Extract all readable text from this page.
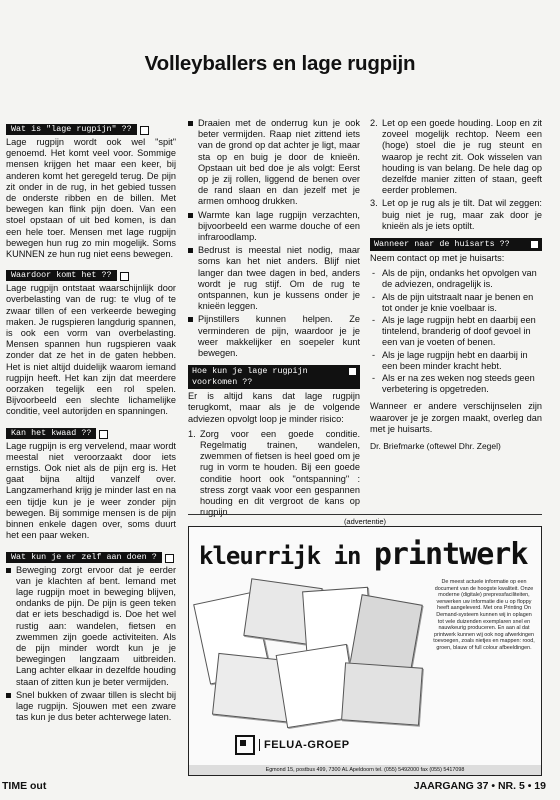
Volleyballers en lage rugpijn
Wat is "lage rugpijn" ??

Lage rugpijn wordt ook wel "spit" genoemd. Het komt veel voor. Sommige mensen krijgen het maar een keer, bij anderen komt het geregeld terug. De pijn zit onder in de rug, in het gebied tussen de onderste ribben en de billen. Met bewegen kan flink pijn doen. Van een stoel opstaan of uit bed komen, is dan een hele toer. Mensen met lage rugpijn bewegen hun rug zo min mogelijk. Soms KUNNEN ze hun rug niet eens bewegen.

Waardoor komt het ??

Lage rugpijn ontstaat waarschijnlijk door overbelasting van de rug: te vlug of te zwaar tillen of een verkeerde beweging maken. Je rugspieren langdurig spannen, is ook een vorm van overbelasting. Mensen spannen hun rugspieren vaak zonder dat ze het in de gaten hebben. Het is niet altijd duidelijk waarom iemand rugpijn heeft. Het kan zijn dat meerdere oorzaken tegelijk een rol spelen. Bijvoorbeeld een slechte lichamelijke conditie, veel autorijden en spanningen.

Kan het kwaad ??

Lage rugpijn is erg vervelend, maar wordt meestal niet veroorzaakt door iets ernstigs. Ook niet als de pijn erg is. Het gaat bijna altijd vanzelf over. Langzamerhand krijg je minder last en na een tijdje kun je je weer zonder pijn bewegen. Bij sommige mensen is de pijn binnen enkele dagen over, soms duurt het een paar weken.

Wat kun je er zelf aan doen ?
Beweging zorgt ervoor dat je eerder van je klachten af bent. Iemand met lage rugpijn moet in beweging blijven, ondanks de pijn. De pijn is geen teken dat er iets beschadigd is. Doe het wel rustig aan: wandelen, fietsen en zwemmen zijn goede activiteiten. Als de pijn minder wordt kun je je bewegingen langzaam uitbreiden. Lang achter elkaar in dezelfde houding staan of zitten kun je beter vermijden.
Snel bukken of zwaar tillen is slecht bij lage rugpijn. Sjouwen met een zware tas kun je dus beter achterwege laten.
Draaien met de onderrug kun je ook beter vermijden. Raap niet zittend iets van de grond op dat achter je ligt, maar sta op en buig je door de knieën. Opstaan uit bed doe je als volgt: Eerst op je zij rollen, liggend de benen over de rand slaan en dan jezelf met je armen omhoog drukken.
Warmte kan lage rugpijn verzachten, bijvoorbeeld een warme douche of een infraroodlamp.
Bedrust is meestal niet nodig, maar soms kan het niet anders. Blijf niet langer dan twee dagen in bed, anders wordt je rug stijf. Om de rug te ontspannen, kun je kussens onder je knieën leggen.
Pijnstillers kunnen helpen. Ze verminderen de pijn, waardoor je je weer makkelijker en soepeler kunt bewegen.
Hoe kun je lage rugpijn voorkomen ??

Er is altijd kans dat lage rugpijn terugkomt, maar als je de volgende adviezen opvolgt loop je minder risico:

1. Zorg voor een goede conditie. Regelmatig trainen, wandelen, zwemmen of fietsen is heel goed om je rug in vorm te houden. Bij een goede conditie hoort ook "ontspanning" : stress zorgt vaak voor een gespannen houding en dit vergroot de kans op rugpijn.
2. Let op een goede houding. Loop en zit zoveel mogelijk rechtop. Neem een (hoge) stoel die je rug steunt en waarop je recht zit. Ook wisselen van houding is van belang. De hele dag op dezelfde manier zitten of staan, geeft eerder problemen.
3. Let op je rug als je tilt. Dat wil zeggen: buig niet je rug, maar zak door je knieën als je iets optilt.
Wanneer naar de huisarts ??

Neem contact op met je huisarts:

- Als de pijn, ondanks het opvolgen van de adviezen, ondragelijk is.
- Als de pijn uitstraalt naar je benen en tot onder je knie voelbaar is.
- Als je lage rugpijn hebt en daarbij een tintelend, branderig of doof gevoel in een van je voeten of benen.
- Als je lage rugpijn hebt en daarbij in een been minder kracht hebt.
- Als er na zes weken nog steeds geen verbetering is opgetreden.

Wanneer er andere verschijnselen zijn waarover je je zorgen maakt, overleg dan met je huisarts.

Dr. Briefmarke (oftewel Dhr. Zegel)
(advertentie)
kleurrijk in printwerk
De meest actuele informatie op een document van de hoogste kwaliteit. Onze moderne (digitale) prepressfaciliteiten, verwerken uw informatie die u op floppy heeft aangeleverd. Met ons Printing On Demand-systeem kunnen wij in oplagen tot vele duizenden exemplaren snel en nauwkeurig produceren. En aan al dat printwerk kunnen wij ook nog afwerkingen toevoegen, zoals nietjes en mappen: rood, groen, blauw of full colour afbeeldingen.
FELUA-GROEP
Egmond 15, postbus 499, 7300 AL Apeldoorn tel. (055) 5492000 fax (055) 5417098
TIME out	JAARGANG 37 • NR. 5 • 19
